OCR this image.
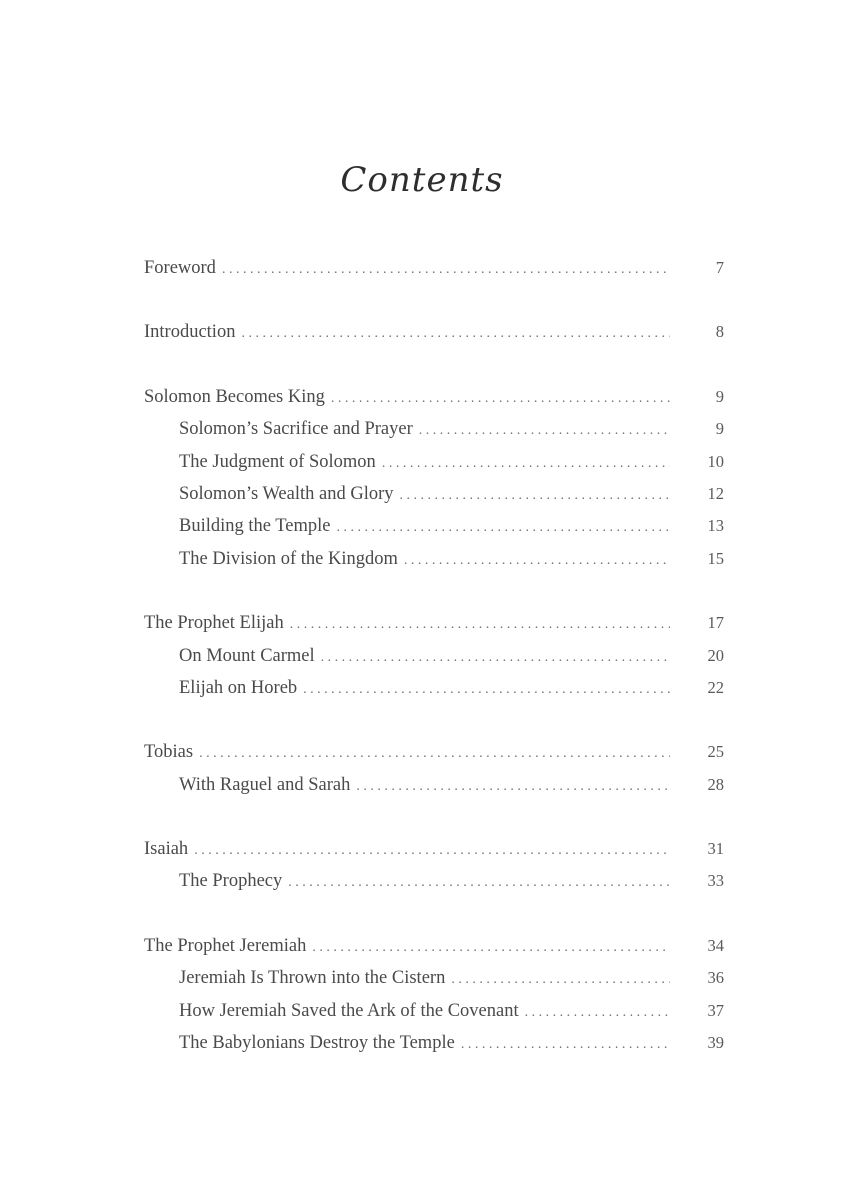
Contents
Foreword . . .	7
Introduction . . .	8
Solomon Becomes King . . .	9
Solomon’s Sacrifice and Prayer . . .	9
The Judgment of Solomon . . .	10
Solomon’s Wealth and Glory . . .	12
Building the Temple . . .	13
The Division of the Kingdom . . .	15
The Prophet Elijah . . .	17
On Mount Carmel . . .	20
Elijah on Horeb . . .	22
Tobias . . .	25
With Raguel and Sarah . . .	28
Isaiah . . .	31
The Prophecy . . .	33
The Prophet Jeremiah . . .	34
Jeremiah Is Thrown into the Cistern . . .	36
How Jeremiah Saved the Ark of the Covenant . . .	37
The Babylonians Destroy the Temple . . .	39
